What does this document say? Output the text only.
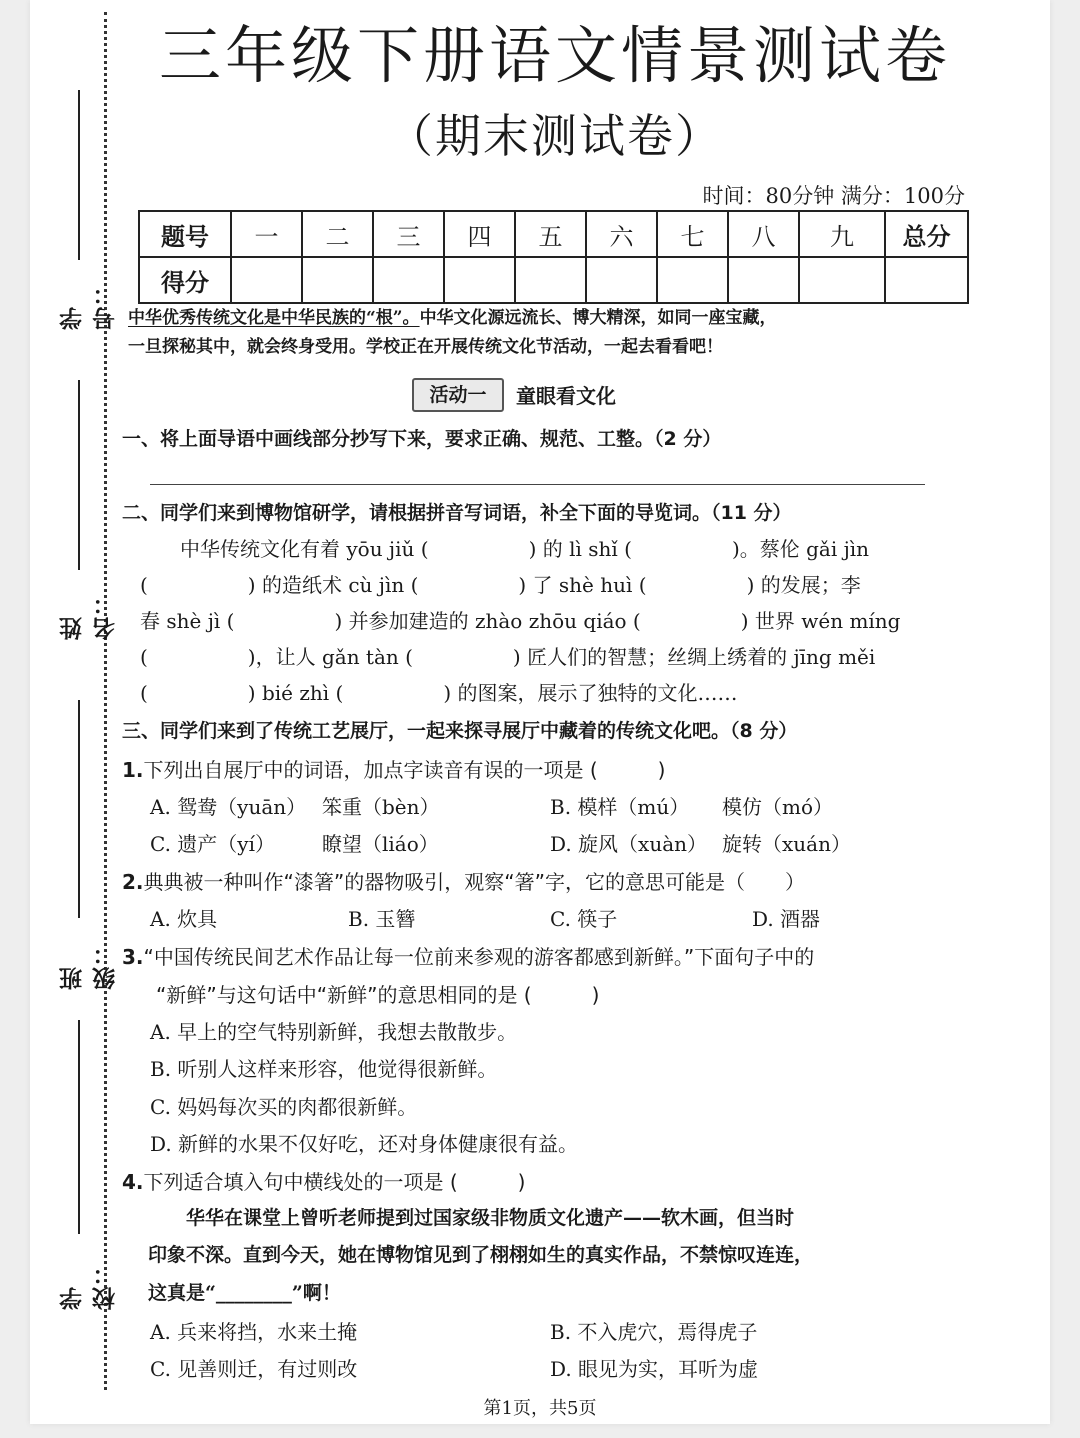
学号：
姓名：
班级：
学校：
三年级下册语文情景测试卷
（期末测试卷）
时间：80分钟 满分：100分
题号	一	二	三	四	五	六	七	八	九	总分
得分										
中华优秀传统文化是中华民族的“根”。中华文化源远流长、博大精深，如同一座宝藏，
一旦探秘其中，就会终身受用。学校正在开展传统文化节活动，一起去看看吧！
活动一	童眼看文化
一、将上面导语中画线部分抄写下来，要求正确、规范、工整。（2 分）
二、同学们来到博物馆研学，请根据拼音写词语，补全下面的导览词。（11 分）
　　中华传统文化有着 yōu jiǔ (　　　　　) 的 lì shǐ (　　　　　)。蔡伦 gǎi jìn
(　　　　　) 的造纸术 cù jìn (　　　　　) 了 shè huì (　　　　　) 的发展；李
春 shè jì (　　　　　) 并参加建造的 zhào zhōu qiáo (　　　　　) 世界 wén míng
(　　　　　)，让人 gǎn tàn (　　　　　) 匠人们的智慧；丝绸上绣着的 jīng měi
(　　　　　) bié zhì (　　　　　) 的图案，展示了独特的文化……
三、同学们来到了传统工艺展厅，一起来探寻展厅中藏着的传统文化吧。（8 分）
1.下列出自展厅中的词语，加点字读音有误的一项是 (　　　)
A. 鸳鸯（yuān） 笨重（bèn）	B. 模样（mú） 模仿（mó）
C. 遗产（yí） 瞭望（liáo）	D. 旋风（xuàn） 旋转（xuán）
2.典典被一种叫作“漆箸”的器物吸引，观察“箸”字，它的意思可能是（　　）
A. 炊具	B. 玉簪	C. 筷子	D. 酒器
3.“中国传统民间艺术作品让每一位前来参观的游客都感到新鲜。”下面句子中的
“新鲜”与这句话中“新鲜”的意思相同的是 (　　　)
A. 早上的空气特别新鲜，我想去散散步。
B. 听别人这样来形容，他觉得很新鲜。
C. 妈妈每次买的肉都很新鲜。
D. 新鲜的水果不仅好吃，还对身体健康很有益。
4.下列适合填入句中横线处的一项是 (　　　)
　　华华在课堂上曾听老师提到过国家级非物质文化遗产——软木画，但当时
印象不深。直到今天，她在博物馆见到了栩栩如生的真实作品，不禁惊叹连连，
这真是“________”啊！
A. 兵来将挡，水来土掩	B. 不入虎穴，焉得虎子
C. 见善则迁，有过则改	D. 眼见为实，耳听为虚
第1页，共5页
